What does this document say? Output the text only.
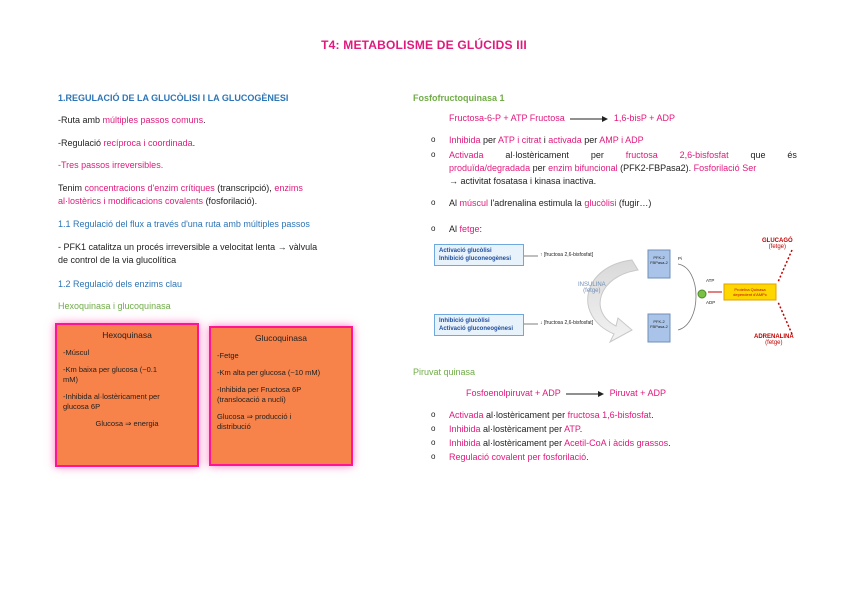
T4: METABOLISME DE GLÚCIDS III
1.REGULACIÓ DE LA GLUCÒLISI I LA GLUCOGÈNESI
-Ruta amb múltiples passos comuns.
-Regulació recíproca i coordinada.
-Tres passos irreversibles.
Tenim concentracions d'enzim crítiques (transcripció), enzims
al·lostèrics i modificacions covalents (fosforilació).
1.1 Regulació del flux a través d'una ruta amb múltiples passos
- PFK1 catalitza un procés irreversible a velocitat lenta → vàlvula
de control de la via glucolítica
1.2 Regulació dels enzims clau
Hexoquinasa i glucoquinasa
Hexoquinasa
-Múscul
-Km baixa per glucosa (~0.1
mM)
-Inhibida al·lostèricament per
glucosa 6P
Glucosa ⇒ energia
Glucoquinasa
-Fetge
-Km alta per glucosa (~10 mM)
-Inhibida per Fructosa 6P
(translocació a nucli)
Glucosa ⇒ producció i
distribució
Fosfofructoquinasa 1
Fructosa-6-P + ATP Fructosa	1,6-bisP + ADP
o Inhibida per ATP i citrat i activada per AMP i ADP
o Activada al·lostèricament per fructosa 2,6-bisfosfat que és
produïda/degradada per enzim bifuncional (PFK2-FBPasa2). Fosforilació Ser
→ activitat fosatasa i kinasa inactiva.
o Al múscul l'adrenalina estimula la glucòlisi (fugir…)
o Al fetge:
Activació glucòlisi
Inhibició gluconeogènesi
Inhibició glucòlisi
Activació gluconeogènesi
↑ [fructosa 2,6-bisfosfat]
↓ [fructosa 2,6-bisfosfat]
INSULINA
(fetge)
PFK-2
FBPasa-2
PFK-2
FBPasa-2
ATP
ADP
Pi
Proteïna Quinasa
dependent d'AMPc
GLUCAGÓ
(fetge)
ADRENALINA
(fetge)
Piruvat quinasa
Fosfoenolpiruvat + ADP	Piruvat + ADP
o Activada al·lostèricament per fructosa 1,6-bisfosfat.
o Inhibida al·lostèricament per ATP.
o Inhibida al·lostèricament per Acetil-CoA i àcids grassos.
o Regulació covalent per fosforilació.
